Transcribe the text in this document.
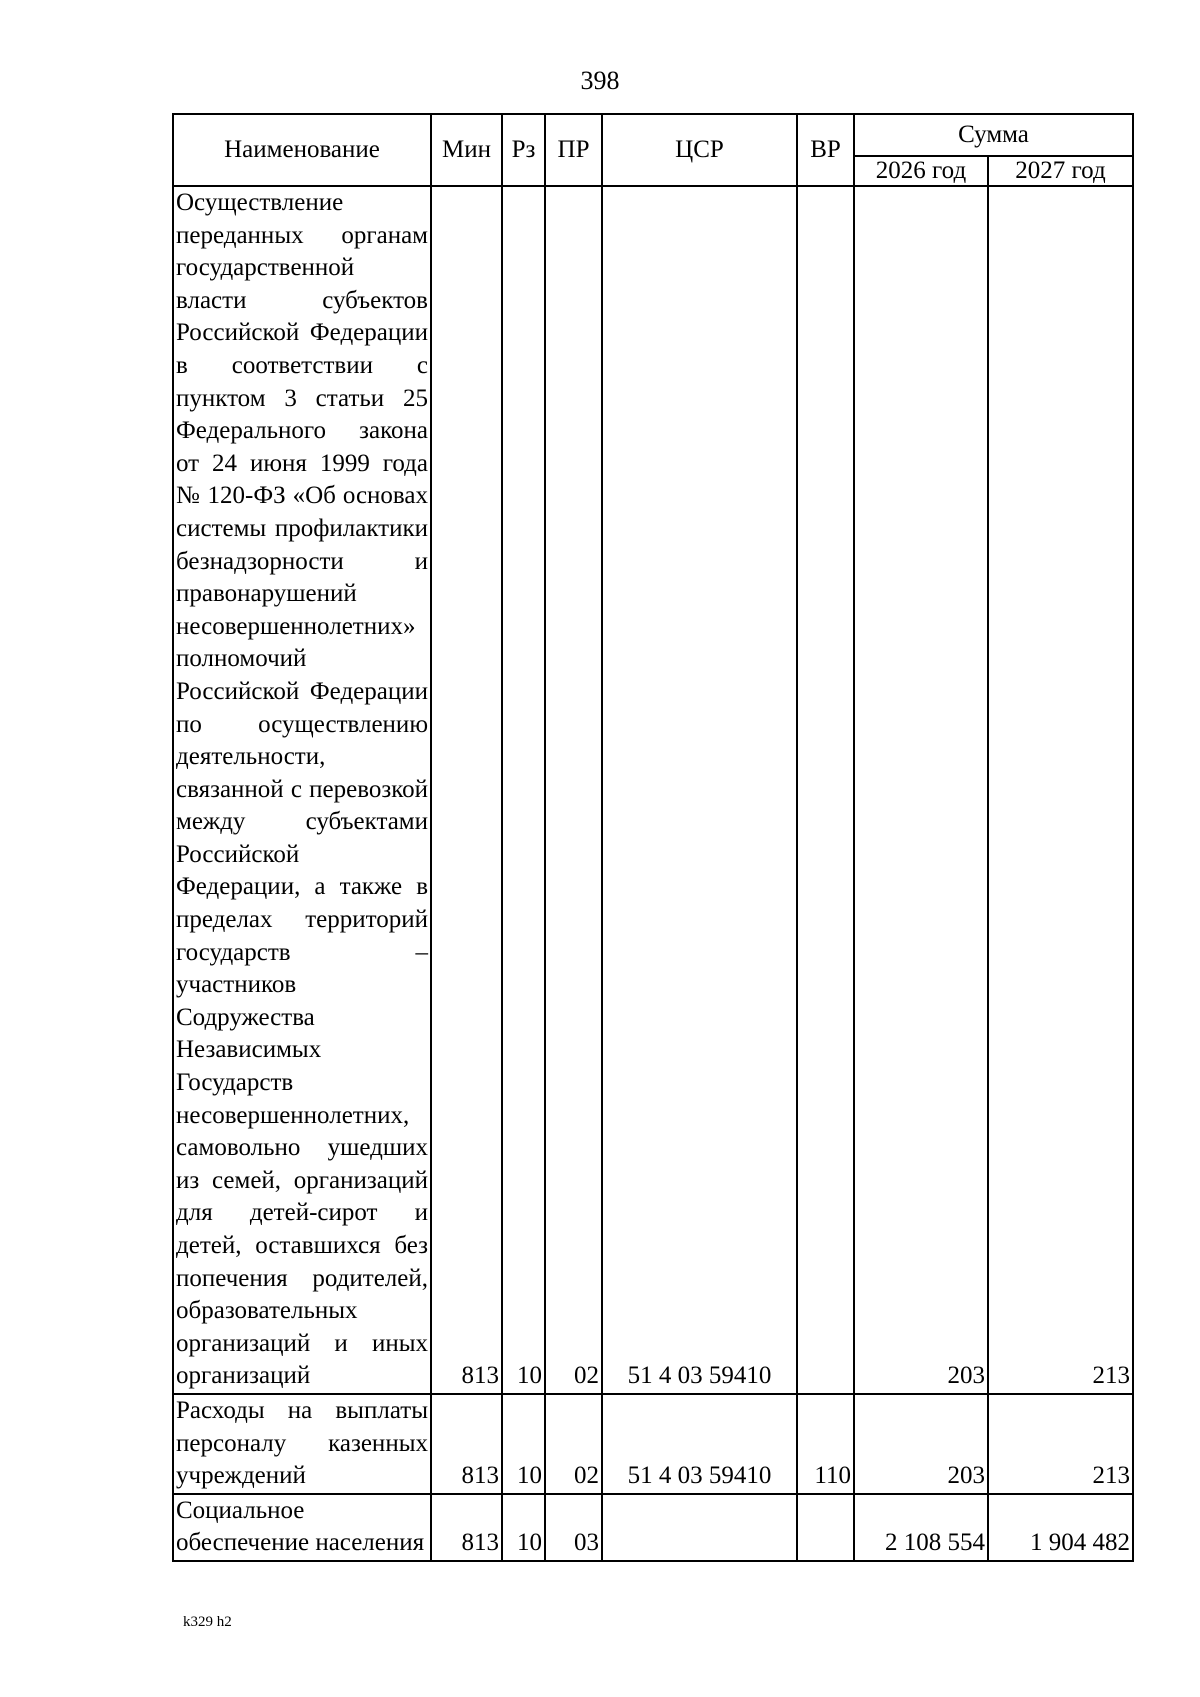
398
Наименование	Мин	Рз	ПР	ЦСР	ВР	Сумма	
						2026 год	2027 год
Осуществление переданных органам государственной власти субъектов Российской Федерации в соответствии с пунктом 3 статьи 25 Федерального закона от 24 июня 1999 года № 120-ФЗ «Об основах системы профилактики безнадзорности и правонарушений несовершеннолетних» полномочий Российской Федерации по осуществлению деятельности, связанной с перевозкой между субъектами Российской Федерации, а также в пределах территорий государств – участников Содружества Независимых Государств несовершеннолетних, самовольно ушедших из семей, организаций для детей-сирот и детей, оставшихся без попечения родителей, образовательных организаций и иных организаций	813	10	02	51 4 03 59410		203	213
Расходы на выплаты персоналу казенных учреждений	813	10	02	51 4 03 59410	110	203	213
Социальное обеспечение населения	813	10	03			2 108 554	1 904 482
k329 h2
